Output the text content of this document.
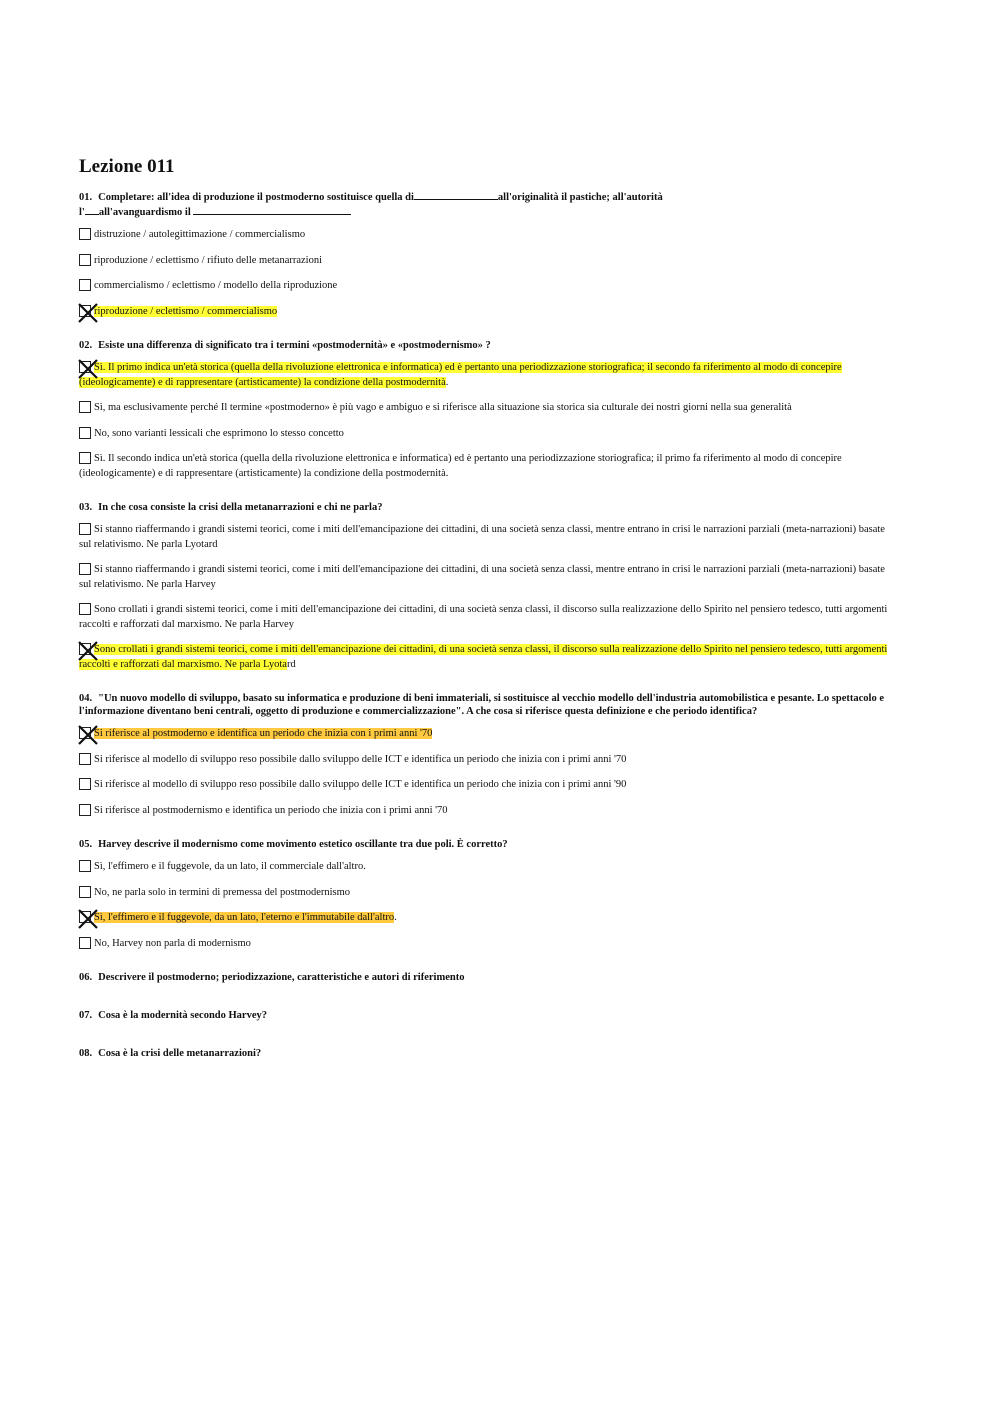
Lezione 011

01. Completare: all'idea di produzione il postmoderno sostituisce quella di	all'originalità il pastiche; all'autorità
l' all'avanguardismo il

distruzione / autolegittimazione / commercialismo
riproduzione / eclettismo / rifiuto delle metanarrazioni
commercialismo / eclettismo / modello della riproduzione
riproduzione / eclettismo / commercialismo

02. Esiste una differenza di significato tra i termini «postmodernità» e «postmodernismo» ?

Sì. Il primo indica un'età storica (quella della rivoluzione elettronica e informatica) ed è pertanto una periodizzazione storiografica; il secondo fa riferimento al modo di concepire (ideologicamente) e di rappresentare (artisticamente) la condizione della postmodernità.
Sì, ma esclusivamente perché Il termine «postmoderno» è più vago e ambiguo e si riferisce alla situazione sia storica sia culturale dei nostri giorni nella sua generalità
No, sono varianti lessicali che esprimono lo stesso concetto
Sì. Il secondo indica un'età storica (quella della rivoluzione elettronica e informatica) ed è pertanto una periodizzazione storiografica; il primo fa riferimento al modo di concepire (ideologicamente) e di rappresentare (artisticamente) la condizione della postmodernità.

03. In che cosa consiste la crisi della metanarrazioni e chi ne parla?

Si stanno riaffermando i grandi sistemi teorici, come i miti dell'emancipazione dei cittadini, di una società senza classi, mentre entrano in crisi le narrazioni parziali (meta-narrazioni) basate sul relativismo. Ne parla Lyotard
Si stanno riaffermando i grandi sistemi teorici, come i miti dell'emancipazione dei cittadini, di una società senza classi, mentre entrano in crisi le narrazioni parziali (meta-narrazioni) basate sul relativismo. Ne parla Harvey
Sono crollati i grandi sistemi teorici, come i miti dell'emancipazione dei cittadini, di una società senza classi, il discorso sulla realizzazione dello Spirito nel pensiero tedesco, tutti argomenti raccolti e rafforzati dal marxismo. Ne parla Harvey
Sono crollati i grandi sistemi teorici, come i miti dell'emancipazione dei cittadini, di una società senza classi, il discorso sulla realizzazione dello Spirito nel pensiero tedesco, tutti argomenti raccolti e rafforzati dal marxismo. Ne parla Lyotard

04. "Un nuovo modello di sviluppo, basato su informatica e produzione di beni immateriali, si sostituisce al vecchio modello dell'industria automobilistica e pesante. Lo spettacolo e l'informazione diventano beni centrali, oggetto di produzione e commercializzazione". A che cosa si riferisce questa definizione e che periodo identifica?

Si riferisce al postmoderno e identifica un periodo che inizia con i primi anni '70
Si riferisce al modello di sviluppo reso possibile dallo sviluppo delle ICT e identifica un periodo che inizia con i primi anni '70
Si riferisce al modello di sviluppo reso possibile dallo sviluppo delle ICT e identifica un periodo che inizia con i primi anni '90
Si riferisce al postmodernismo e identifica un periodo che inizia con i primi anni '70

05. Harvey descrive il modernismo come movimento estetico oscillante tra due poli. È corretto?

Sì, l'effimero e il fuggevole, da un lato, il commerciale dall'altro.
No, ne parla solo in termini di premessa del postmodernismo
Sì, l'effimero e il fuggevole, da un lato, l'eterno e l'immutabile dall'altro.
No, Harvey non parla di modernismo

06. Descrivere il postmoderno; periodizzazione, caratteristiche e autori di riferimento

07. Cosa è la modernità secondo Harvey?

08. Cosa è la crisi delle metanarrazioni?
